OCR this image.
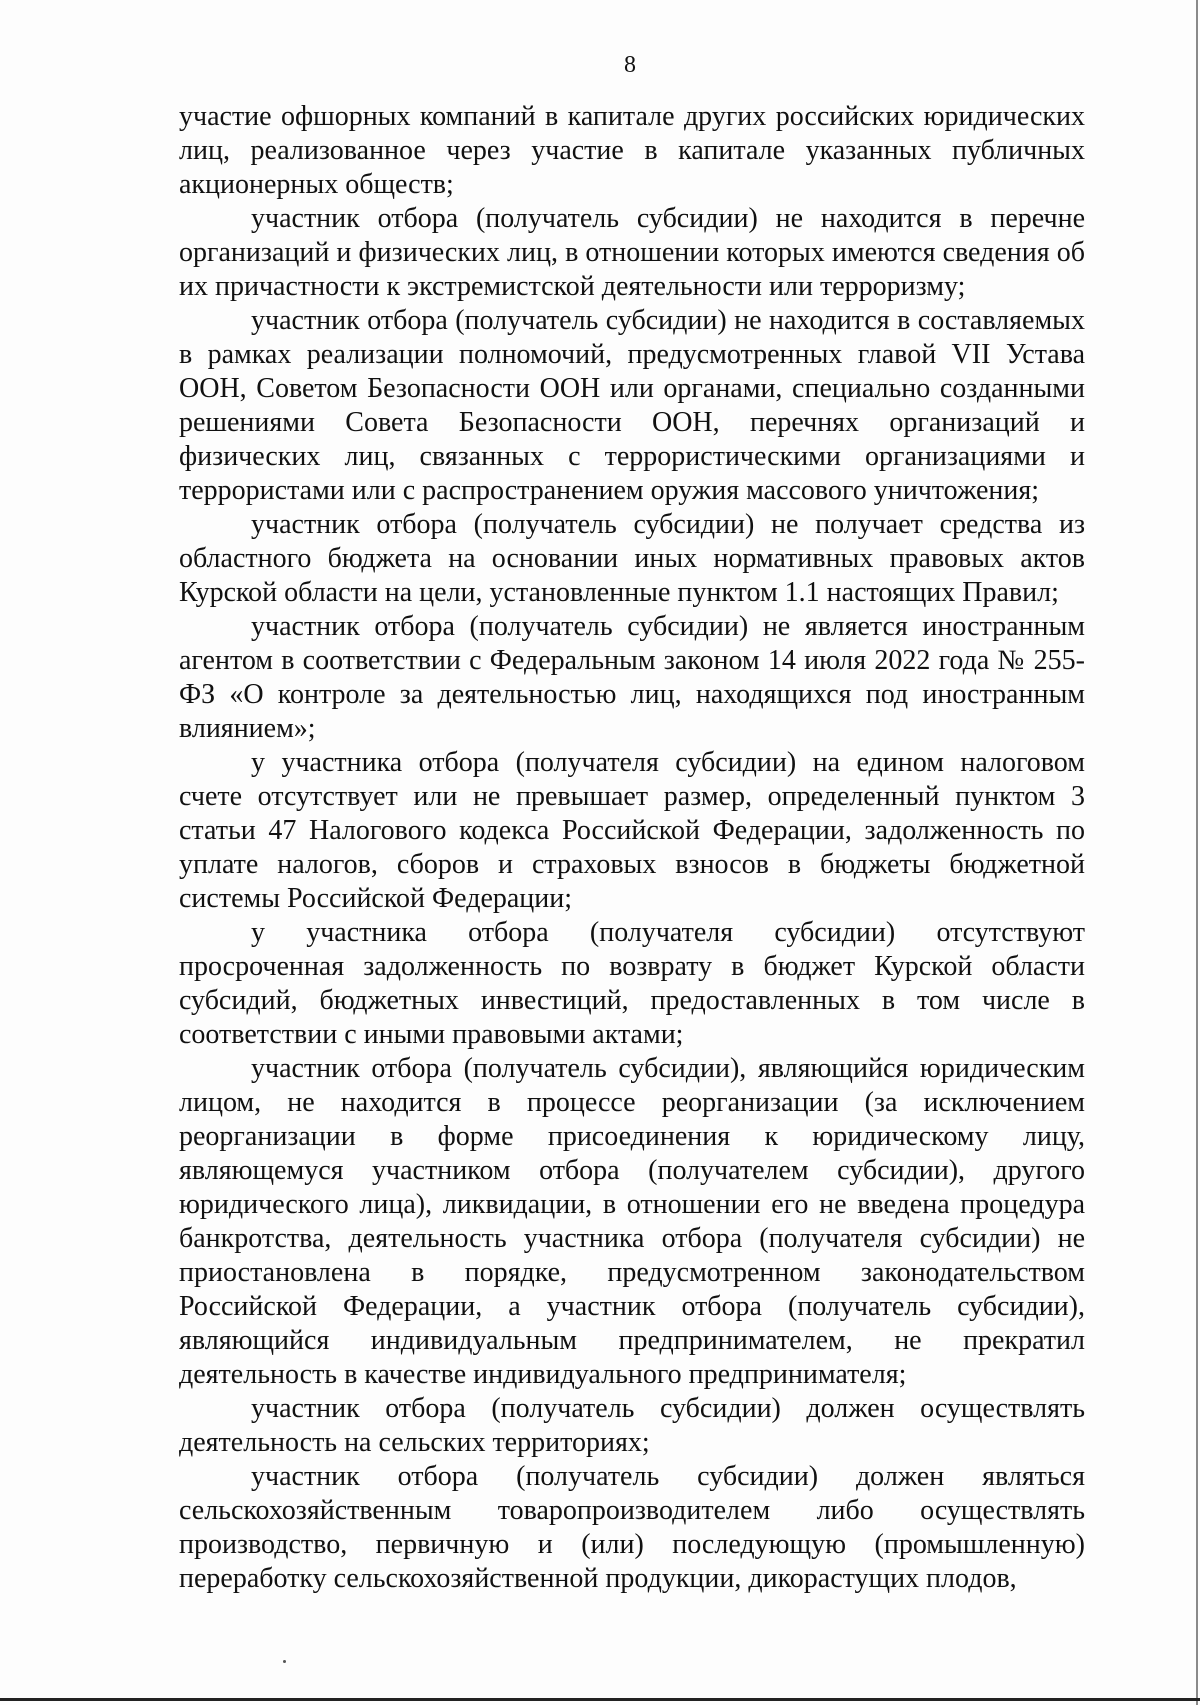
8

участие офшорных компаний в капитале других российских юридических лиц, реализованное через участие в капитале указанных публичных акционерных обществ;

участник отбора (получатель субсидии) не находится в перечне организаций и физических лиц, в отношении которых имеются сведения об их причастности к экстремистской деятельности или терроризму;

участник отбора (получатель субсидии) не находится в составляемых в рамках реализации полномочий, предусмотренных главой VII Устава ООН, Советом Безопасности ООН или органами, специально созданными решениями Совета Безопасности ООН, перечнях организаций и физических лиц, связанных с террористическими организациями и террористами или с распространением оружия массового уничтожения;

участник отбора (получатель субсидии) не получает средства из областного бюджета на основании иных нормативных правовых актов Курской области на цели, установленные пунктом 1.1 настоящих Правил;

участник отбора (получатель субсидии) не является иностранным агентом в соответствии с Федеральным законом 14 июля 2022 года № 255-ФЗ «О контроле за деятельностью лиц, находящихся под иностранным влиянием»;

у участника отбора (получателя субсидии) на едином налоговом счете отсутствует или не превышает размер, определенный пунктом 3 статьи 47 Налогового кодекса Российской Федерации, задолженность по уплате налогов, сборов и страховых взносов в бюджеты бюджетной системы Российской Федерации;

у участника отбора (получателя субсидии) отсутствуют просроченная задолженность по возврату в бюджет Курской области субсидий, бюджетных инвестиций, предоставленных в том числе в соответствии с иными правовыми актами;

участник отбора (получатель субсидии), являющийся юридическим лицом, не находится в процессе реорганизации (за исключением реорганизации в форме присоединения к юридическому лицу, являющемуся участником отбора (получателем субсидии), другого юридического лица), ликвидации, в отношении его не введена процедура банкротства, деятельность участника отбора (получателя субсидии) не приостановлена в порядке, предусмотренном законодательством Российской Федерации, а участник отбора (получатель субсидии), являющийся индивидуальным предпринимателем, не прекратил деятельность в качестве индивидуального предпринимателя;

участник отбора (получатель субсидии) должен осуществлять деятельность на сельских территориях;

участник отбора (получатель субсидии) должен являться сельскохозяйственным товаропроизводителем либо осуществлять производство, первичную и (или) последующую (промышленную) переработку сельскохозяйственной продукции, дикорастущих плодов,
